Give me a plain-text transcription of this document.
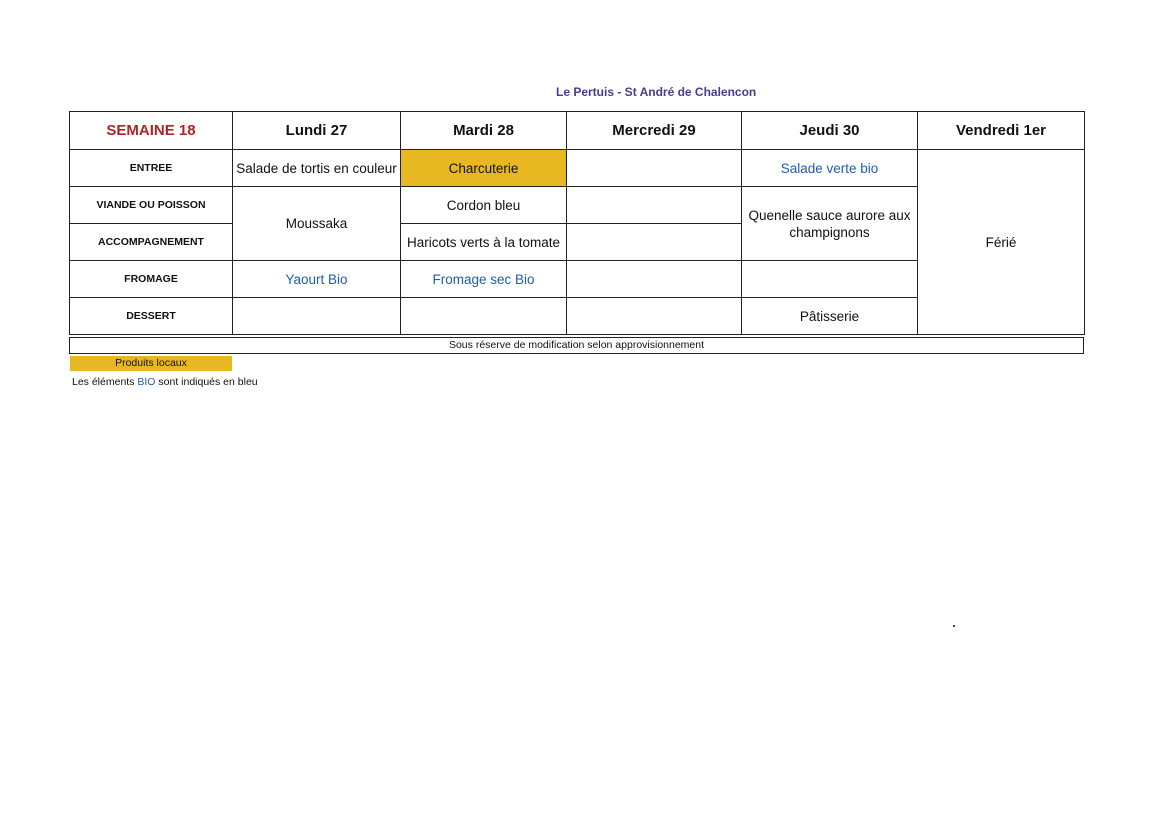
Le Pertuis - St André de Chalencon
SEMAINE 18	Lundi 27	Mardi 28	Mercredi 29	Jeudi 30	Vendredi 1er
ENTREE	Salade de tortis en couleur	Charcuterie		Salade verte bio	Férié
VIANDE OU POISSON	Moussaka	Cordon bleu		Quenelle sauce aurore aux champignons	
ACCOMPAGNEMENT		Haricots verts à la tomate			
FROMAGE	Yaourt Bio	Fromage sec Bio			
DESSERT				Pâtisserie	
Sous réserve de modification selon approvisionnement
Produits locaux
Les éléments BIO sont indiqués en bleu
